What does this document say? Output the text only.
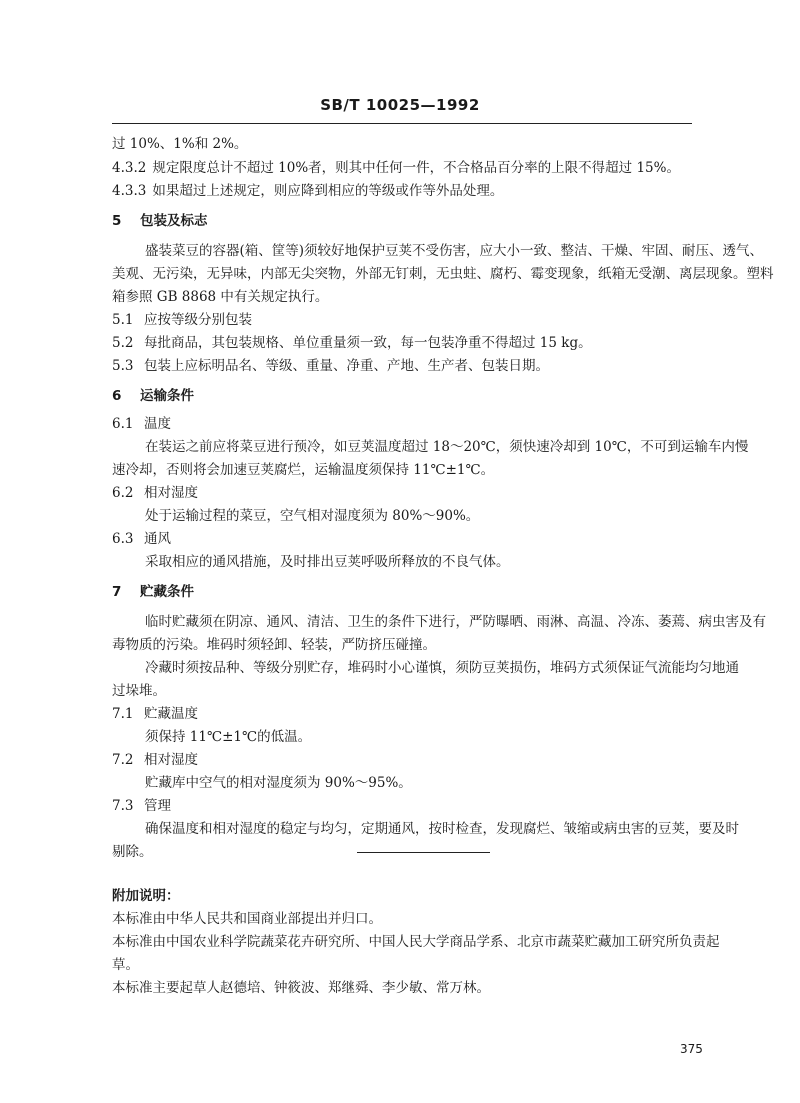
SB/T 10025—1992
过 10%、1%和 2%。
4.3.2 规定限度总计不超过 10%者，则其中任何一件，不合格品百分率的上限不得超过 15%。
4.3.3 如果超过上述规定，则应降到相应的等级或作等外品处理。
5 包装及标志
盛装菜豆的容器(箱、筐等)须较好地保护豆荚不受伤害，应大小一致、整洁、干燥、牢固、耐压、透气、
美观、无污染，无异味，内部无尖突物，外部无钉刺，无虫蛀、腐朽、霉变现象，纸箱无受潮、离层现象。塑料
箱参照 GB 8868 中有关规定执行。
5.1 应按等级分别包装
5.2 每批商品，其包装规格、单位重量须一致，每一包装净重不得超过 15 kg。
5.3 包装上应标明品名、等级、重量、净重、产地、生产者、包装日期。
6 运输条件
6.1 温度
在装运之前应将菜豆进行预冷，如豆荚温度超过 18～20℃，须快速冷却到 10℃，不可到运输车内慢
速冷却，否则将会加速豆荚腐烂，运输温度须保持 11℃±1℃。
6.2 相对湿度
处于运输过程的菜豆，空气相对湿度须为 80%～90%。
6.3 通风
采取相应的通风措施，及时排出豆荚呼吸所释放的不良气体。
7 贮藏条件
临时贮藏须在阴凉、通风、清洁、卫生的条件下进行，严防曝晒、雨淋、高温、冷冻、萎蔫、病虫害及有
毒物质的污染。堆码时须轻卸、轻装，严防挤压碰撞。
冷藏时须按品种、等级分别贮存，堆码时小心谨慎，须防豆荚损伤，堆码方式须保证气流能均匀地通
过垛堆。
7.1 贮藏温度
须保持 11℃±1℃的低温。
7.2 相对湿度
贮藏库中空气的相对湿度须为 90%～95%。
7.3 管理
确保温度和相对湿度的稳定与均匀，定期通风，按时检查，发现腐烂、皱缩或病虫害的豆荚，要及时
剔除。
附加说明：
本标准由中华人民共和国商业部提出并归口。
本标准由中国农业科学院蔬菜花卉研究所、中国人民大学商品学系、北京市蔬菜贮藏加工研究所负责起
草。
本标准主要起草人赵德培、钟筱波、郑继舜、李少敏、常万林。
375
